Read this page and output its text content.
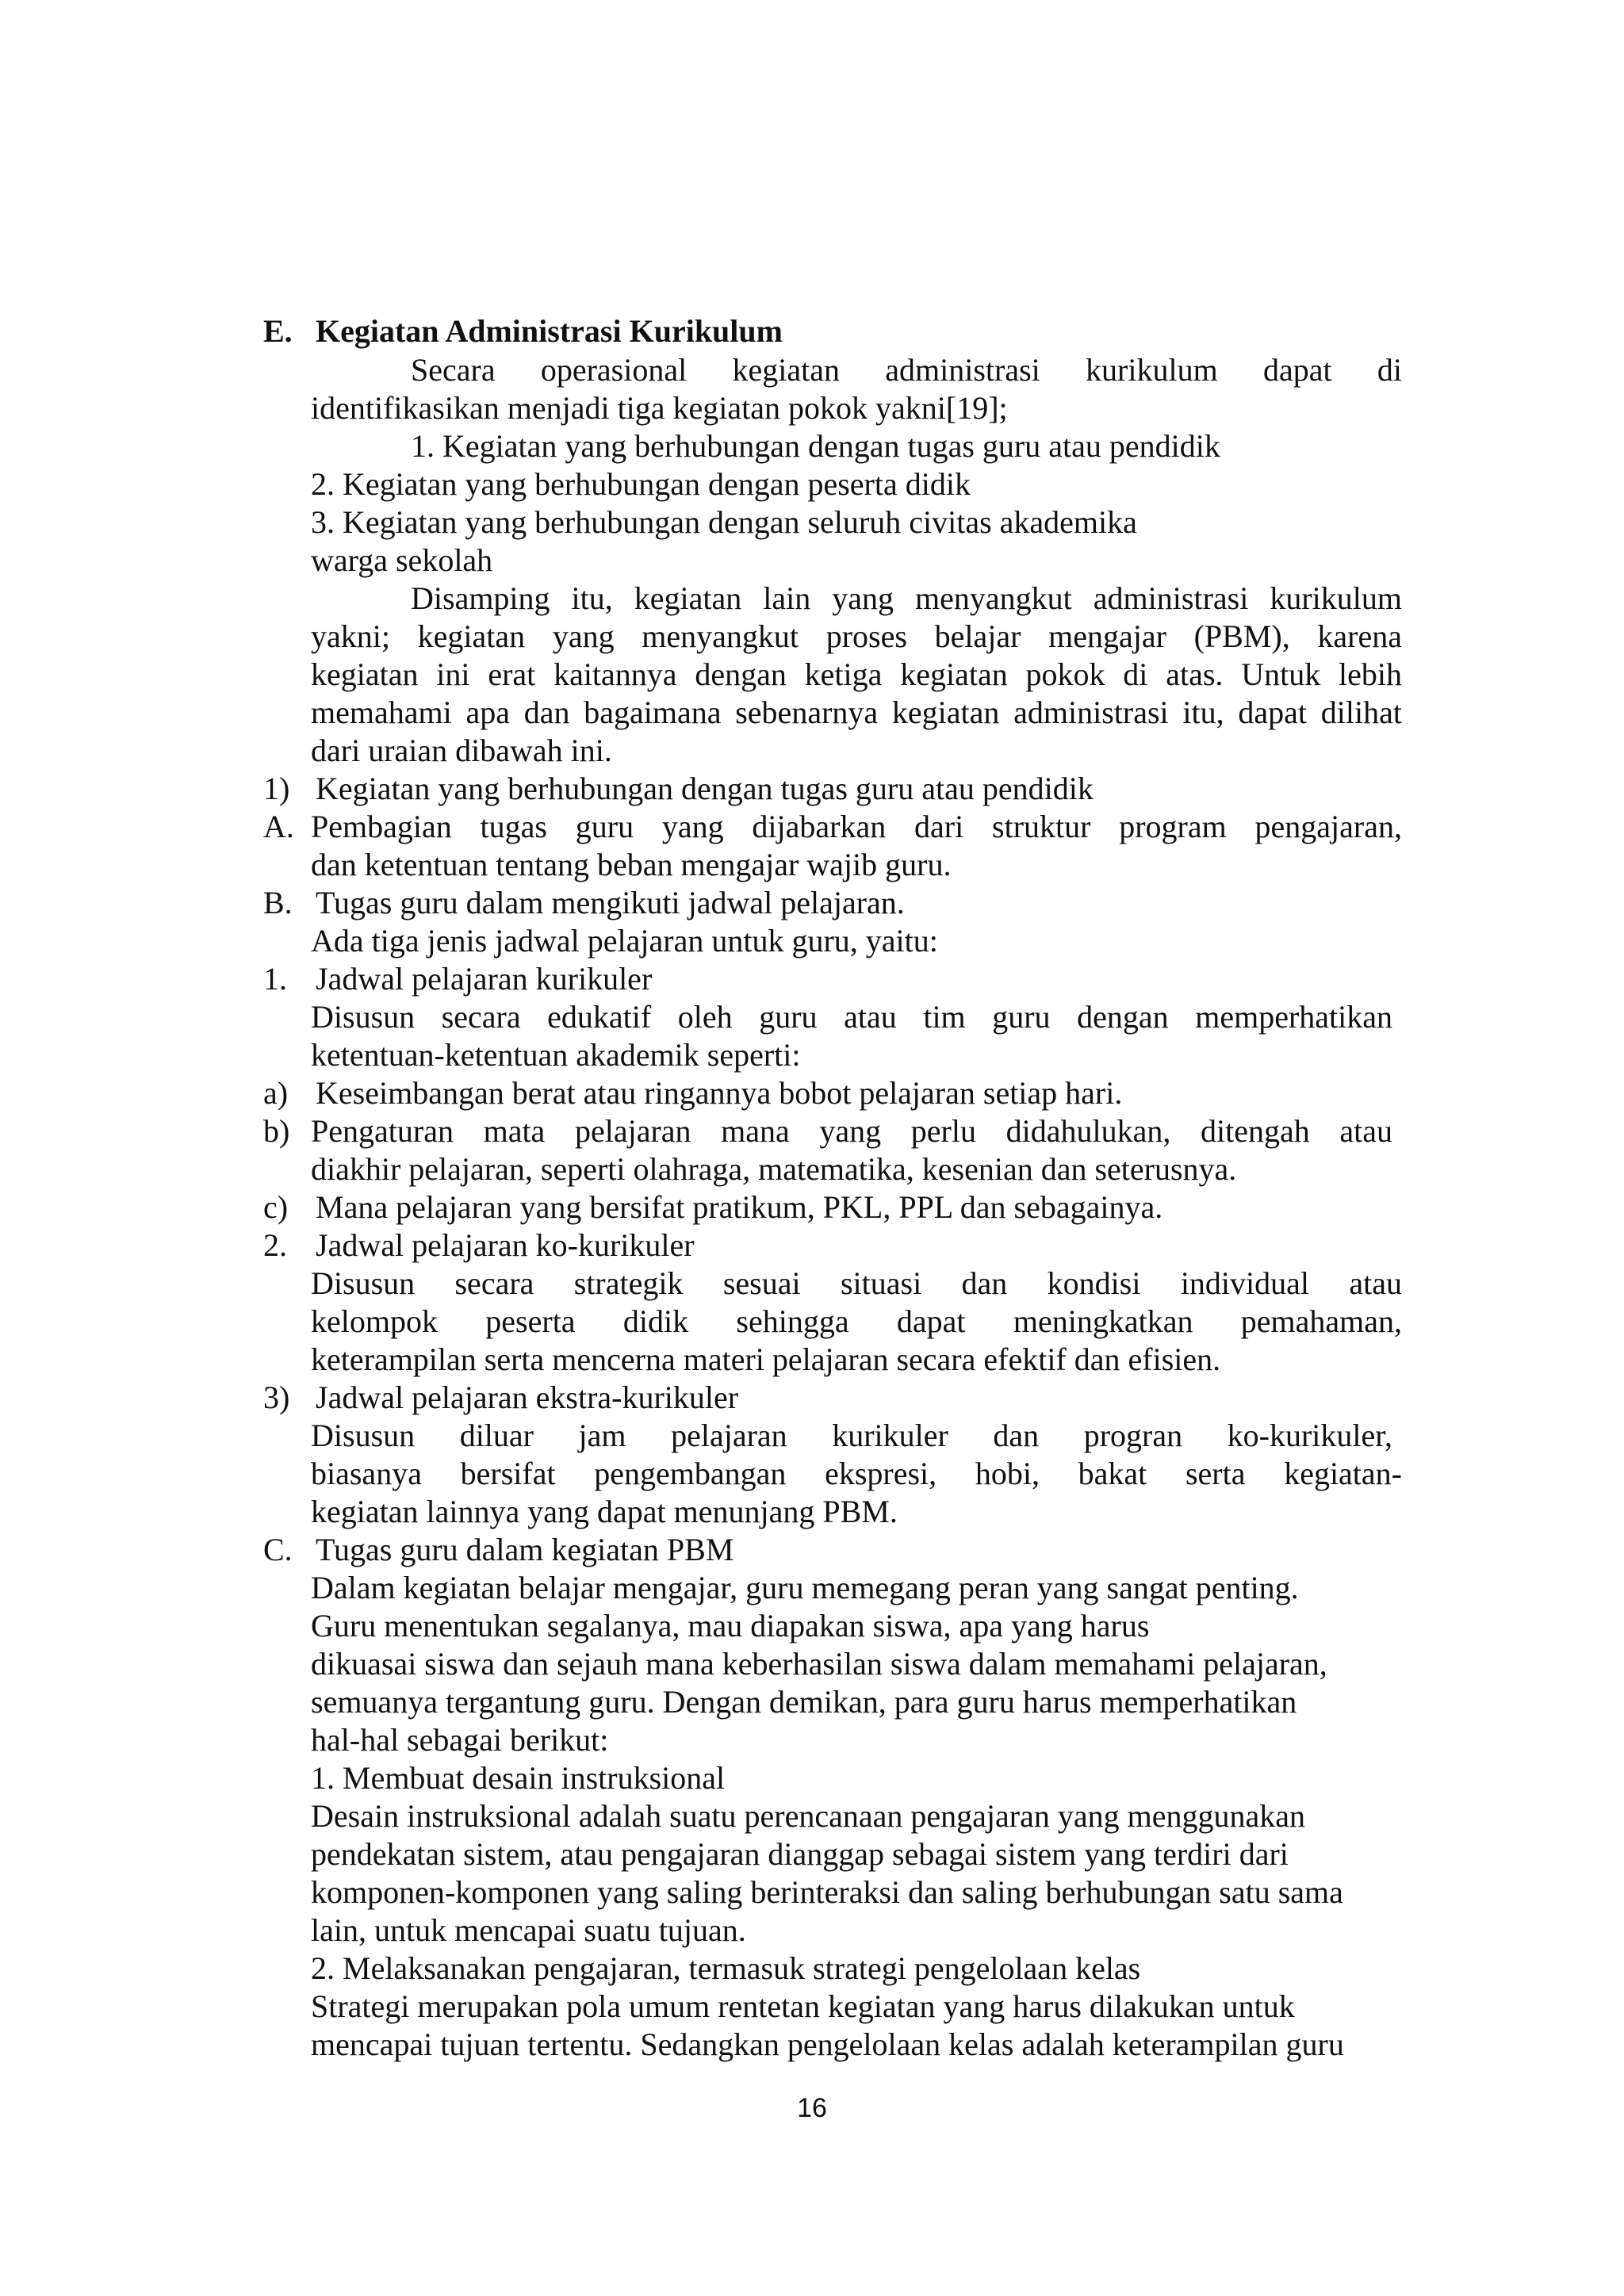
E. Kegiatan Administrasi Kurikulum
Secara operasional kegiatan administrasi kurikulum dapat di
identifikasikan menjadi tiga kegiatan pokok yakni[19];
1. Kegiatan yang berhubungan dengan tugas guru atau pendidik
2. Kegiatan yang berhubungan dengan peserta didik
3. Kegiatan yang berhubungan dengan seluruh civitas akademika
warga sekolah
Disamping itu, kegiatan lain yang menyangkut administrasi kurikulum
yakni; kegiatan yang menyangkut proses belajar mengajar (PBM), karena
kegiatan ini erat kaitannya dengan ketiga kegiatan pokok di atas. Untuk lebih
memahami apa dan bagaimana sebenarnya kegiatan administrasi itu, dapat dilihat
dari uraian dibawah ini.
1) Kegiatan yang berhubungan dengan tugas guru atau pendidik
A. Pembagian tugas guru yang dijabarkan dari struktur program pengajaran,
dan ketentuan tentang beban mengajar wajib guru.
B. Tugas guru dalam mengikuti jadwal pelajaran.
Ada tiga jenis jadwal pelajaran untuk guru, yaitu:
1. Jadwal pelajaran kurikuler
Disusun secara edukatif oleh guru atau tim guru dengan memperhatikan
ketentuan-ketentuan akademik seperti:
a) Keseimbangan berat atau ringannya bobot pelajaran setiap hari.
b) Pengaturan mata pelajaran mana yang perlu didahulukan, ditengah atau
diakhir pelajaran, seperti olahraga, matematika, kesenian dan seterusnya.
c) Mana pelajaran yang bersifat pratikum, PKL, PPL dan sebagainya.
2. Jadwal pelajaran ko-kurikuler
Disusun secara strategik sesuai situasi dan kondisi individual atau
kelompok peserta didik sehingga dapat meningkatkan pemahaman,
keterampilan serta mencerna materi pelajaran secara efektif dan efisien.
3) Jadwal pelajaran ekstra-kurikuler
Disusun diluar jam pelajaran kurikuler dan progran ko-kurikuler,
biasanya bersifat pengembangan ekspresi, hobi, bakat serta kegiatan-
kegiatan lainnya yang dapat menunjang PBM.
C. Tugas guru dalam kegiatan PBM
Dalam kegiatan belajar mengajar, guru memegang peran yang sangat penting.
Guru menentukan segalanya, mau diapakan siswa, apa yang harus
dikuasai siswa dan sejauh mana keberhasilan siswa dalam memahami pelajaran,
semuanya tergantung guru. Dengan demikan, para guru harus memperhatikan
hal-hal sebagai berikut:
1. Membuat desain instruksional
Desain instruksional adalah suatu perencanaan pengajaran yang menggunakan
pendekatan sistem, atau pengajaran dianggap sebagai sistem yang terdiri dari
komponen-komponen yang saling berinteraksi dan saling berhubungan satu sama
lain, untuk mencapai suatu tujuan.
2. Melaksanakan pengajaran, termasuk strategi pengelolaan kelas
Strategi merupakan pola umum rentetan kegiatan yang harus dilakukan untuk
mencapai tujuan tertentu. Sedangkan pengelolaan kelas adalah keterampilan guru
16
